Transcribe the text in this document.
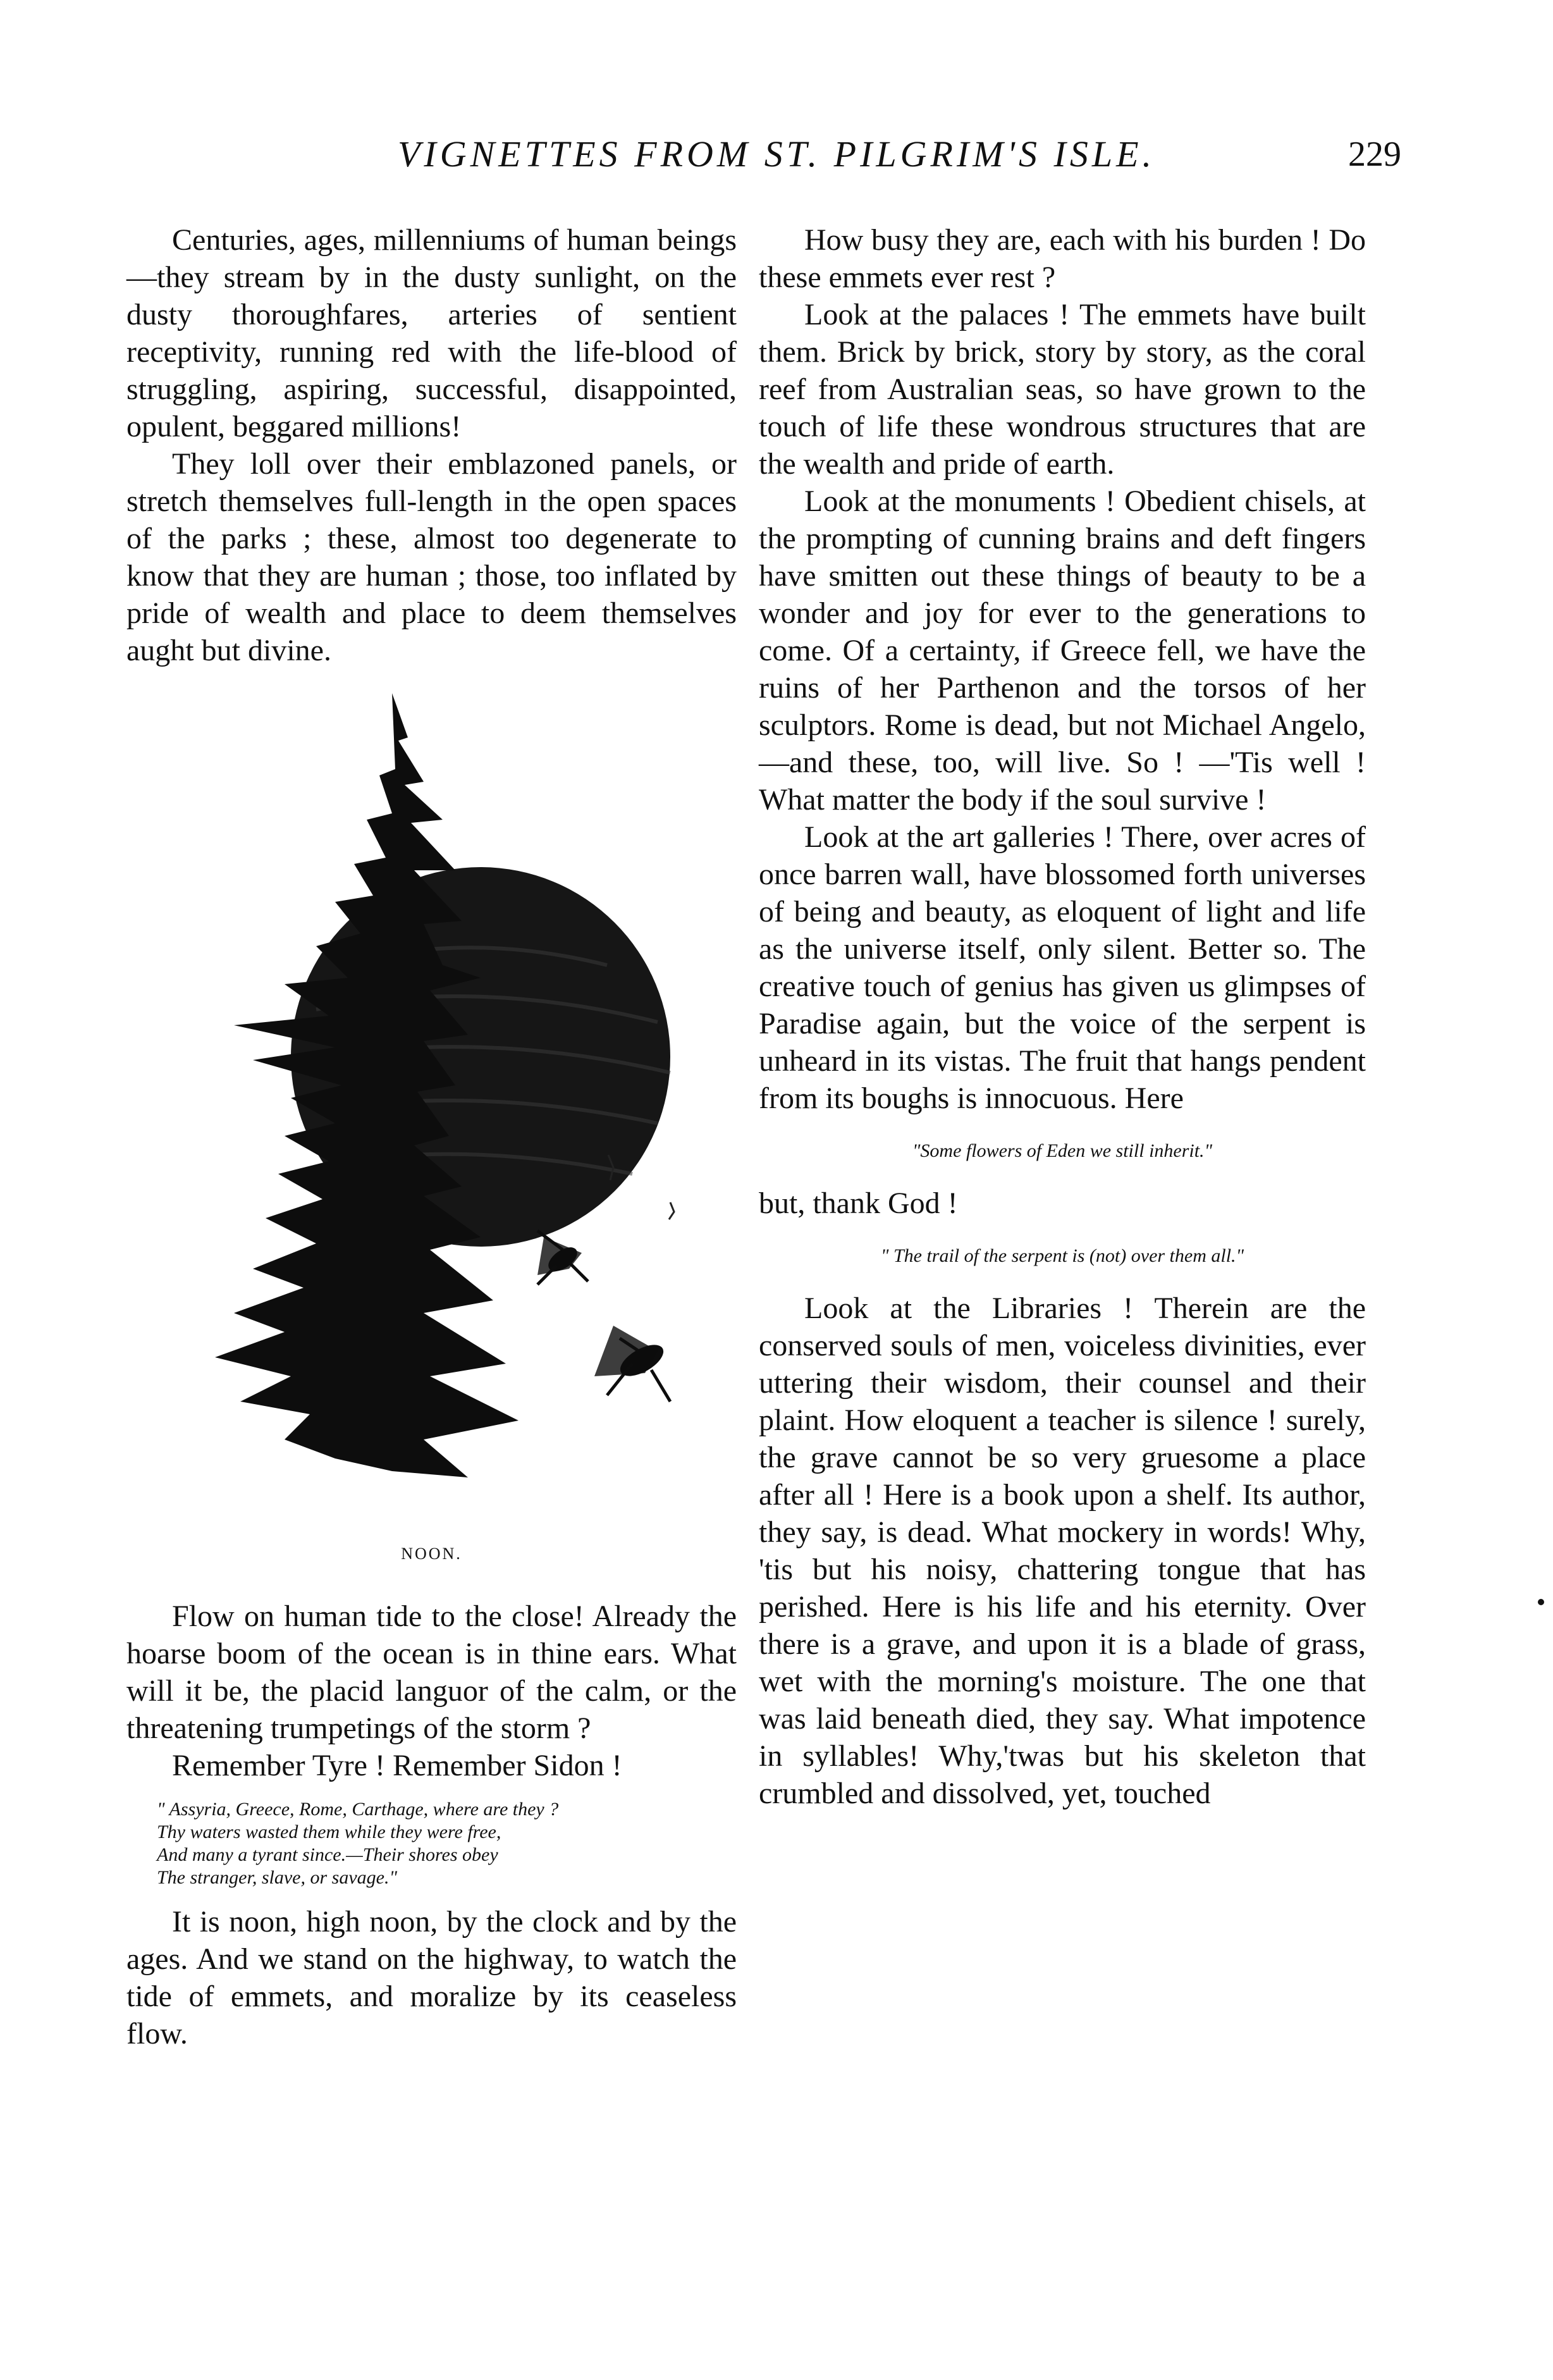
VIGNETTES FROM ST. PILGRIM'S ISLE.	229

Centuries, ages, millenniums of human beings—they stream by in the dusty sunlight, on the dusty thoroughfares, arteries of sentient receptivity, running red with the life-blood of struggling, aspiring, successful, disappointed, opulent, beggared millions!

They loll over their emblazoned panels, or stretch themselves full-length in the open spaces of the parks ; these, almost too degenerate to know that they are human ; those, too inflated by pride of wealth and place to deem themselves aught but divine.

NOON.

Flow on human tide to the close! Already the hoarse boom of the ocean is in thine ears. What will it be, the placid languor of the calm, or the threatening trumpetings of the storm ?

Remember Tyre ! Remember Sidon !

" Assyria, Greece, Rome, Carthage, where are they ?
Thy waters wasted them while they were free,
And many a tyrant since.—Their shores obey
The stranger, slave, or savage."

It is noon, high noon, by the clock and by the ages. And we stand on the highway, to watch the tide of emmets, and moralize by its ceaseless flow.

How busy they are, each with his burden ! Do these emmets ever rest ?

Look at the palaces ! The emmets have built them. Brick by brick, story by story, as the coral reef from Australian seas, so have grown to the touch of life these wondrous structures that are the wealth and pride of earth.

Look at the monuments ! Obedient chisels, at the prompting of cunning brains and deft fingers have smitten out these things of beauty to be a wonder and joy for ever to the generations to come. Of a certainty, if Greece fell, we have the ruins of her Parthenon and the torsos of her sculptors. Rome is dead, but not Michael Angelo,—and these, too, will live. So ! —'Tis well ! What matter the body if the soul survive !

Look at the art galleries ! There, over acres of once barren wall, have blossomed forth universes of being and beauty, as eloquent of light and life as the universe itself, only silent. Better so. The creative touch of genius has given us glimpses of Paradise again, but the voice of the serpent is unheard in its vistas. The fruit that hangs pendent from its boughs is innocuous. Here

"Some flowers of Eden we still inherit."

but, thank God !

" The trail of the serpent is (not) over them all."

Look at the Libraries ! Therein are the conserved souls of men, voiceless divinities, ever uttering their wisdom, their counsel and their plaint. How eloquent a teacher is silence ! surely, the grave cannot be so very gruesome a place after all ! Here is a book upon a shelf. Its author, they say, is dead. What mockery in words! Why, 'tis but his noisy, chattering tongue that has perished. Here is his life and his eternity. Over there is a grave, and upon it is a blade of grass, wet with the morning's moisture. The one that was laid beneath died, they say. What impotence in syllables! Why,'twas but his skeleton that crumbled and dissolved, yet, touched
